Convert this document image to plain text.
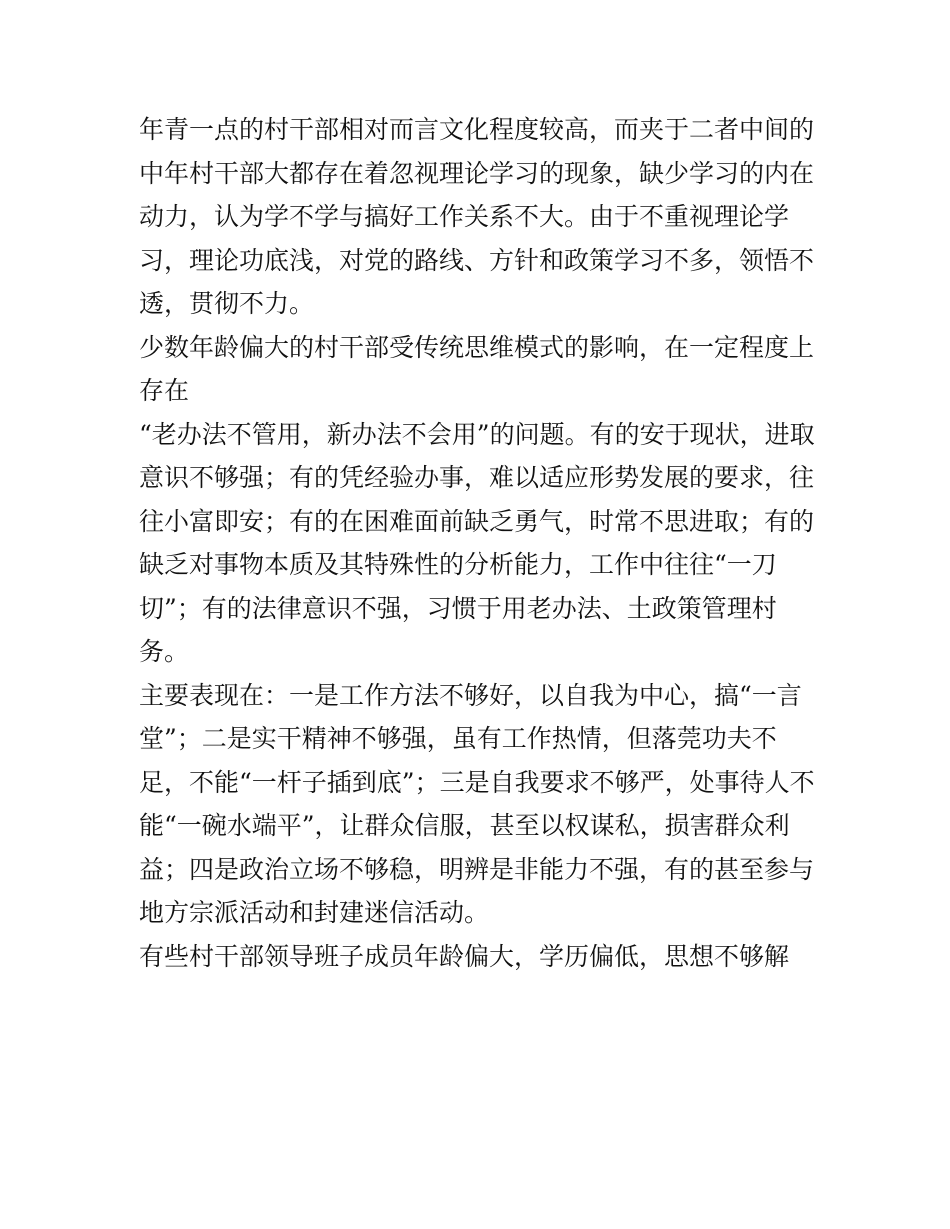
年青一点的村干部相对而言文化程度较高，而夹于二者中间的
中年村干部大都存在着忽视理论学习的现象，缺少学习的内在
动力，认为学不学与搞好工作关系不大。由于不重视理论学
习，理论功底浅，对党的路线、方针和政策学习不多，领悟不
透，贯彻不力。
少数年龄偏大的村干部受传统思维模式的影响，在一定程度上
存在
“老办法不管用，新办法不会用”的问题。有的安于现状，进取
意识不够强；有的凭经验办事，难以适应形势发展的要求，往
往小富即安；有的在困难面前缺乏勇气，时常不思进取；有的
缺乏对事物本质及其特殊性的分析能力，工作中往往“一刀
切”；有的法律意识不强，习惯于用老办法、土政策管理村
务。
主要表现在：一是工作方法不够好，以自我为中心，搞“一言
堂”；二是实干精神不够强，虽有工作热情，但落莞功夫不
足，不能“一杆子插到底”；三是自我要求不够严，处事待人不
能“一碗水端平”，让群众信服，甚至以权谋私，损害群众利
益；四是政治立场不够稳，明辨是非能力不强，有的甚至参与
地方宗派活动和封建迷信活动。
有些村干部领导班子成员年龄偏大，学历偏低，思想不够解
